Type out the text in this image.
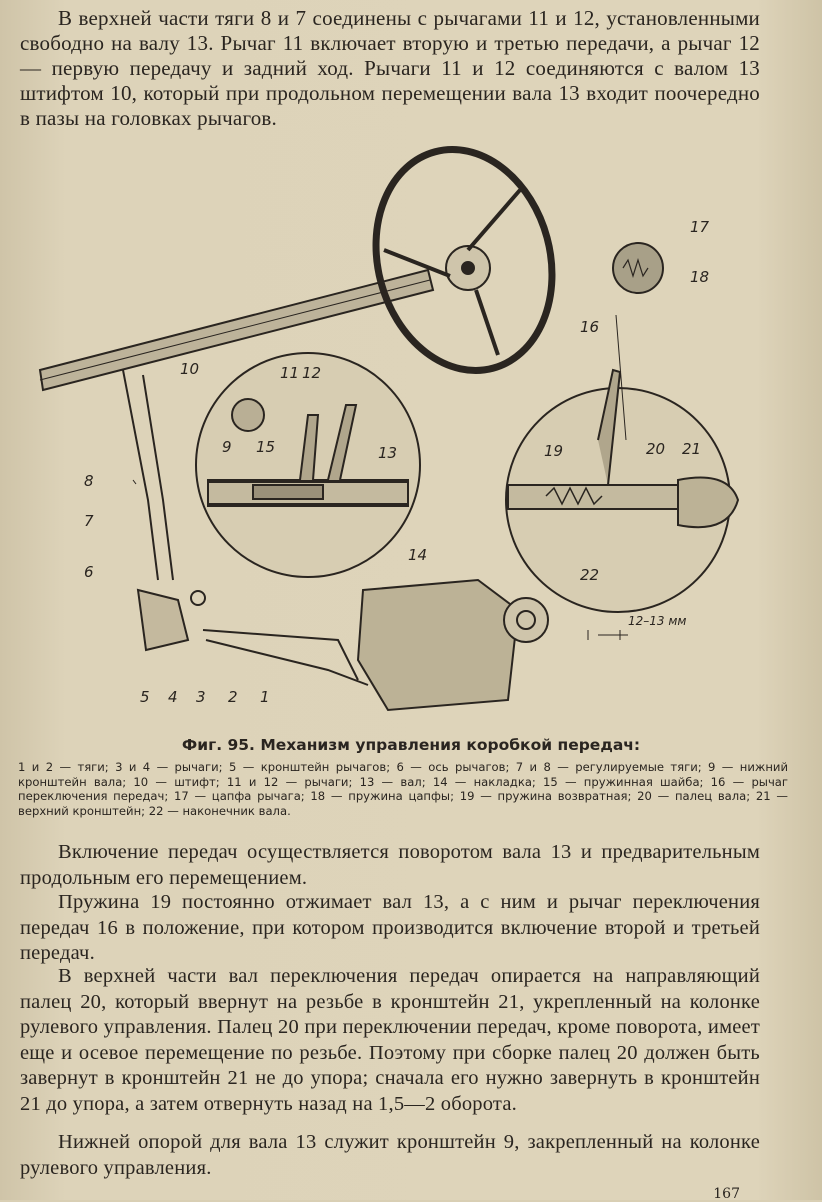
В верхней части тяги 8 и 7 соединены с рычагами 11 и 12, установленными свободно на валу 13. Рычаг 11 включает вторую и третью передачи, а рычаг 12 — первую передачу и задний ход. Рычаги 11 и 12 соединяются с валом 13 штифтом 10, который при продольном перемещении вала 13 входит поочередно в пазы на головках рычагов.

1
2
3
4
5
6
7
8
9
10	11 12
13
14
15
16
17
18
19	20 21
22
12–13 мм
Фиг. 95. Механизм управления коробкой передач:

1 и 2 — тяги; 3 и 4 — рычаги; 5 — кронштейн рычагов; 6 — ось рычагов; 7 и 8 — регулируемые тяги; 9 — нижний кронштейн вала; 10 — штифт; 11 и 12 — рычаги; 13 — вал; 14 — накладка; 15 — пружинная шайба; 16 — рычаг переключения передач; 17 — цапфа рычага; 18 — пружина цапфы; 19 — пружина возвратная; 20 — палец вала; 21 — верхний кронштейн; 22 — наконечник вала.

Включение передач осуществляется поворотом вала 13 и предварительным продольным его перемещением.

Пружина 19 постоянно отжимает вал 13, а с ним и рычаг переключения передач 16 в положение, при котором производится включение второй и третьей передач.

В верхней части вал переключения передач опирается на направляющий палец 20, который ввернут на резьбе в кронштейн 21, укрепленный на колонке рулевого управления. Палец 20 при переключении передач, кроме поворота, имеет еще и осевое перемещение по резьбе. Поэтому при сборке палец 20 должен быть завернут в кронштейн 21 не до упора; сначала его нужно завернуть в кронштейн 21 до упора, а затем отвернуть назад на 1,5—2 оборота.

Нижней опорой для вала 13 служит кронштейн 9, закрепленный на колонке рулевого управления.

167
